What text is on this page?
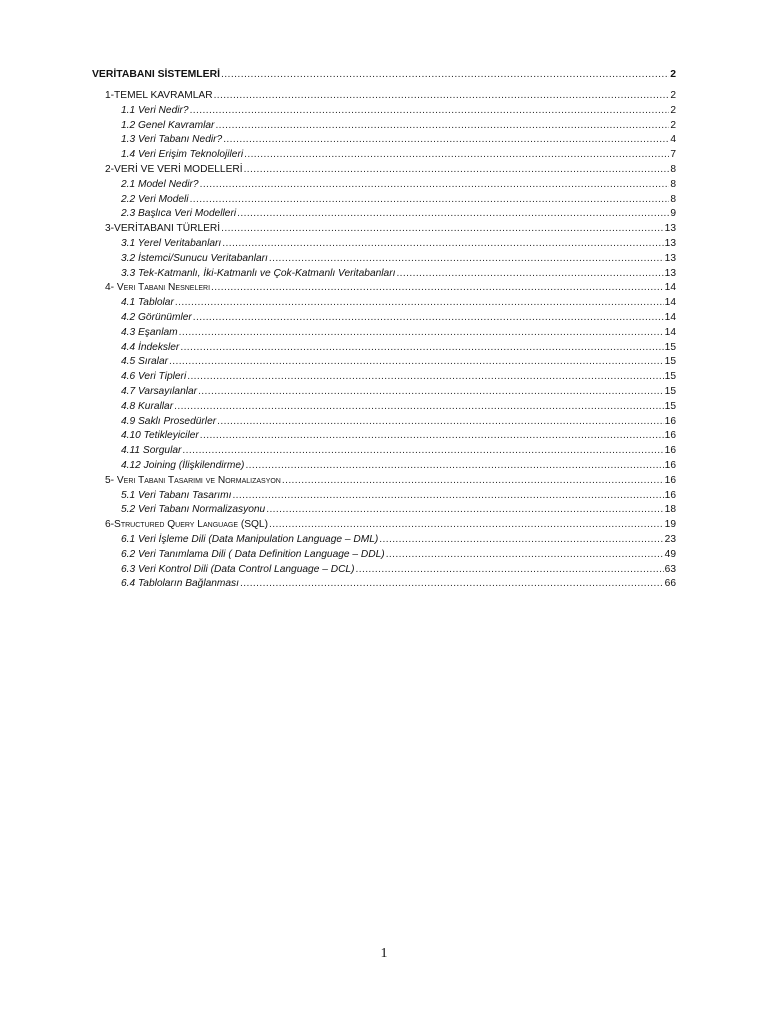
VERİTABANI SİSTEMLERİ .....	2
1-TEMEL KAVRAMLAR .....	2
1.1 Veri Nedir? .....	2
1.2 Genel Kavramlar .....	2
1.3 Veri Tabanı Nedir? .....	4
1.4 Veri Erişim Teknolojileri .....	7
2-VERİ VE VERİ MODELLERİ .....	8
2.1 Model Nedir? .....	8
2.2 Veri Modeli .....	8
2.3 Başlıca Veri Modelleri .....	9
3-VERİTABANI TÜRLERİ .....	13
3.1 Yerel Veritabanları .....	13
3.2 İstemci/Sunucu Veritabanları .....	13
3.3 Tek-Katmanlı, İki-Katmanlı ve Çok-Katmanlı Veritabanları .....	13
4- Veri Tabanı Nesneleri .....	14
4.1 Tablolar .....	14
4.2 Görünümler .....	14
4.3 Eşanlam .....	14
4.4 İndeksler .....	15
4.5 Sıralar .....	15
4.6 Veri Tipleri .....	15
4.7 Varsayılanlar .....	15
4.8 Kurallar .....	15
4.9 Saklı Prosedürler .....	16
4.10 Tetikleyiciler .....	16
4.11 Sorgular .....	16
4.12 Joining (İlişkilendirme) .....	16
5- Veri Tabanı Tasarımı ve Normalizasyon .....	16
5.1 Veri Tabanı Tasarımı .....	16
5.2 Veri Tabanı Normalizasyonu .....	18
6-Structured Query Language (SQL) .....	19
6.1 Veri İşleme Dili (Data Manipulation Language – DML) .....	23
6.2 Veri Tanımlama Dili ( Data Definition Language – DDL) .....	49
6.3 Veri Kontrol Dili (Data Control Language – DCL) .....	63
6.4 Tabloların Bağlanması .....	66
1
